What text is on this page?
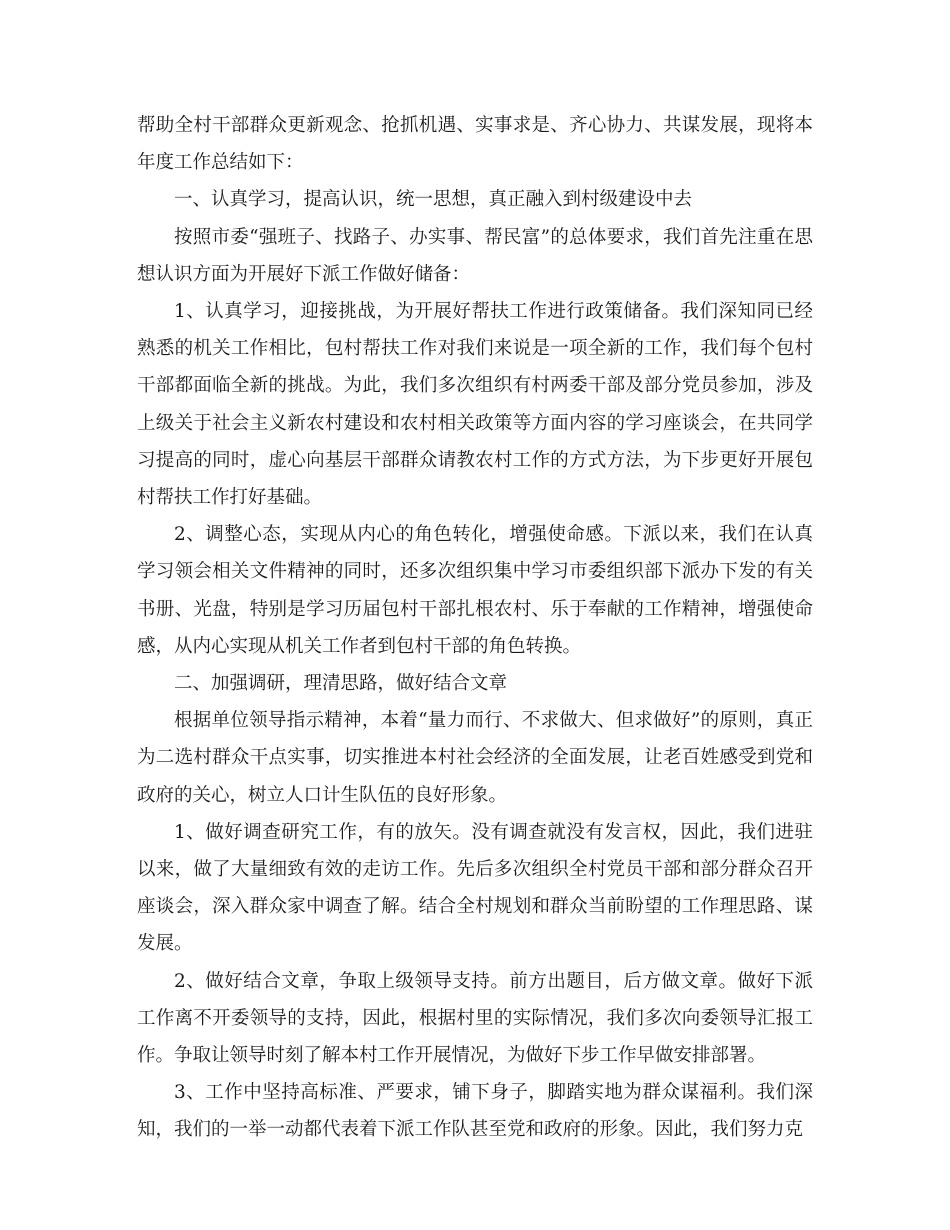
帮助全村干部群众更新观念、抢抓机遇、实事求是、齐心协力、共谋发展，现将本年度工作总结如下：

一、认真学习，提高认识，统一思想，真正融入到村级建设中去

按照市委“强班子、找路子、办实事、帮民富”的总体要求，我们首先注重在思想认识方面为开展好下派工作做好储备：

1、认真学习，迎接挑战，为开展好帮扶工作进行政策储备。我们深知同已经熟悉的机关工作相比，包村帮扶工作对我们来说是一项全新的工作，我们每个包村干部都面临全新的挑战。为此，我们多次组织有村两委干部及部分党员参加，涉及上级关于社会主义新农村建设和农村相关政策等方面内容的学习座谈会，在共同学习提高的同时，虚心向基层干部群众请教农村工作的方式方法，为下步更好开展包村帮扶工作打好基础。

2、调整心态，实现从内心的角色转化，增强使命感。下派以来，我们在认真学习领会相关文件精神的同时，还多次组织集中学习市委组织部下派办下发的有关书册、光盘，特别是学习历届包村干部扎根农村、乐于奉献的工作精神，增强使命感，从内心实现从机关工作者到包村干部的角色转换。

二、加强调研，理清思路，做好结合文章

根据单位领导指示精神，本着“量力而行、不求做大、但求做好”的原则，真正为二选村群众干点实事，切实推进本村社会经济的全面发展，让老百姓感受到党和政府的关心，树立人口计生队伍的良好形象。

1、做好调查研究工作，有的放矢。没有调查就没有发言权，因此，我们进驻以来，做了大量细致有效的走访工作。先后多次组织全村党员干部和部分群众召开座谈会，深入群众家中调查了解。结合全村规划和群众当前盼望的工作理思路、谋发展。

2、做好结合文章，争取上级领导支持。前方出题目，后方做文章。做好下派工作离不开委领导的支持，因此，根据村里的实际情况，我们多次向委领导汇报工作。争取让领导时刻了解本村工作开展情况，为做好下步工作早做安排部署。

3、工作中坚持高标准、严要求，铺下身子，脚踏实地为群众谋福利。我们深知，我们的一举一动都代表着下派工作队甚至党和政府的形象。因此，我们努力克
